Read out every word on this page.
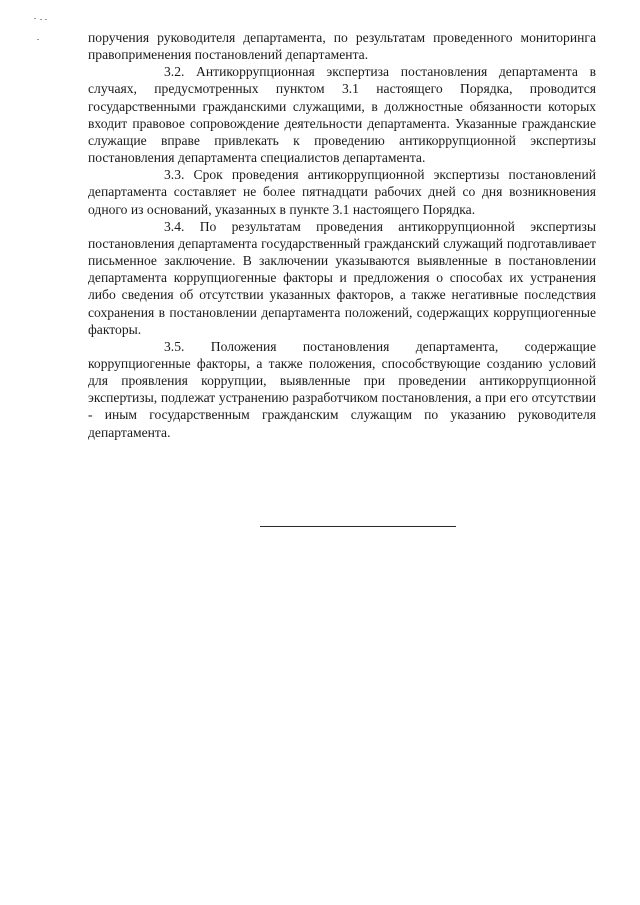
поручения руководителя департамента, по результатам проведенного мониторинга правоприменения постановлений департамента.

3.2. Антикоррупционная экспертиза постановления департамента в случаях, предусмотренных пунктом 3.1 настоящего Порядка, проводится государственными гражданскими служащими, в должностные обязанности которых входит правовое сопровождение деятельности департамента. Указанные гражданские служащие вправе привлекать к проведению антикоррупционной экспертизы постановления департамента специалистов департамента.

3.3. Срок проведения антикоррупционной экспертизы постановлений департамента составляет не более пятнадцати рабочих дней со дня возникновения одного из оснований, указанных в пункте 3.1 настоящего Порядка.

3.4. По результатам проведения антикоррупционной экспертизы постановления департамента государственный гражданский служащий подготавливает письменное заключение. В заключении указываются выявленные в постановлении департамента коррупциогенные факторы и предложения о способах их устранения либо сведения об отсутствии указанных факторов, а также негативные последствия сохранения в постановлении департамента положений, содержащих коррупциогенные факторы.

3.5. Положения постановления департамента, содержащие коррупциогенные факторы, а также положения, способствующие созданию условий для проявления коррупции, выявленные при проведении антикоррупционной экспертизы, подлежат устранению разработчиком постановления, а при его отсутствии - иным государственным гражданским служащим по указанию руководителя департамента.
